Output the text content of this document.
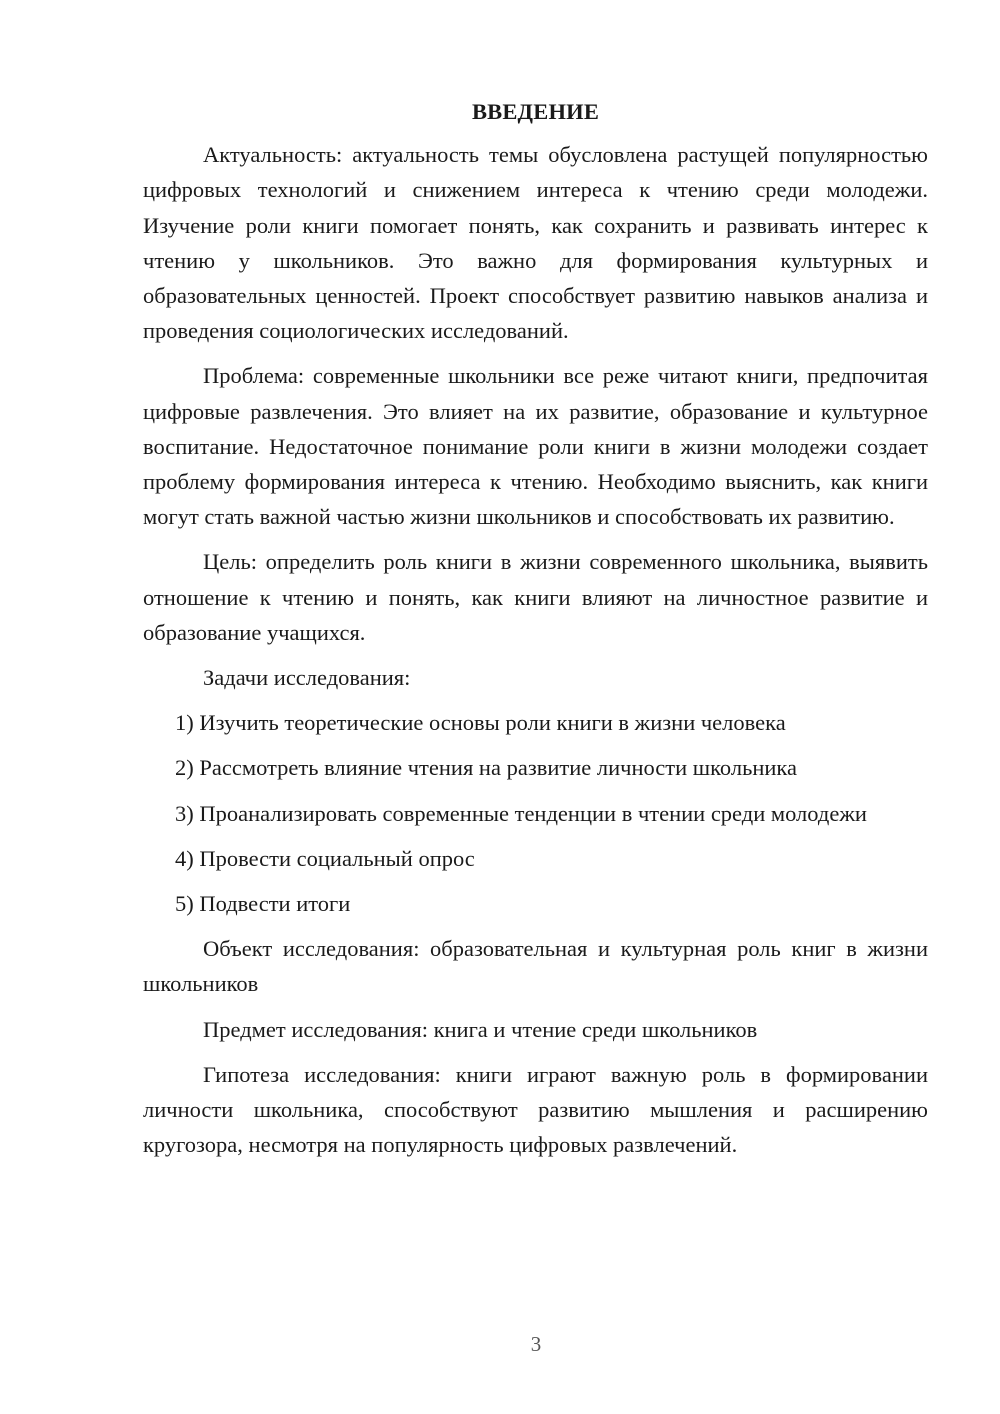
ВВЕДЕНИЕ

Актуальность: актуальность темы обусловлена растущей популярностью цифровых технологий и снижением интереса к чтению среди молодежи. Изучение роли книги помогает понять, как сохранить и развивать интерес к чтению у школьников. Это важно для формирования культурных и образовательных ценностей. Проект способствует развитию навыков анализа и проведения социологических исследований.

Проблема: современные школьники все реже читают книги, предпочитая цифровые развлечения. Это влияет на их развитие, образование и культурное воспитание. Недостаточное понимание роли книги в жизни молодежи создает проблему формирования интереса к чтению. Необходимо выяснить, как книги могут стать важной частью жизни школьников и способствовать их развитию.

Цель: определить роль книги в жизни современного школьника, выявить отношение к чтению и понять, как книги влияют на личностное развитие и образование учащихся.

Задачи исследования:

1) Изучить теоретические основы роли книги в жизни человека

2) Рассмотреть влияние чтения на развитие личности школьника

3) Проанализировать современные тенденции в чтении среди молодежи

4) Провести социальный опрос

5) Подвести итоги

Объект исследования: образовательная и культурная роль книг в жизни школьников

Предмет исследования: книга и чтение среди школьников

Гипотеза исследования: книги играют важную роль в формировании личности школьника, способствуют развитию мышления и расширению кругозора, несмотря на популярность цифровых развлечений.

3
